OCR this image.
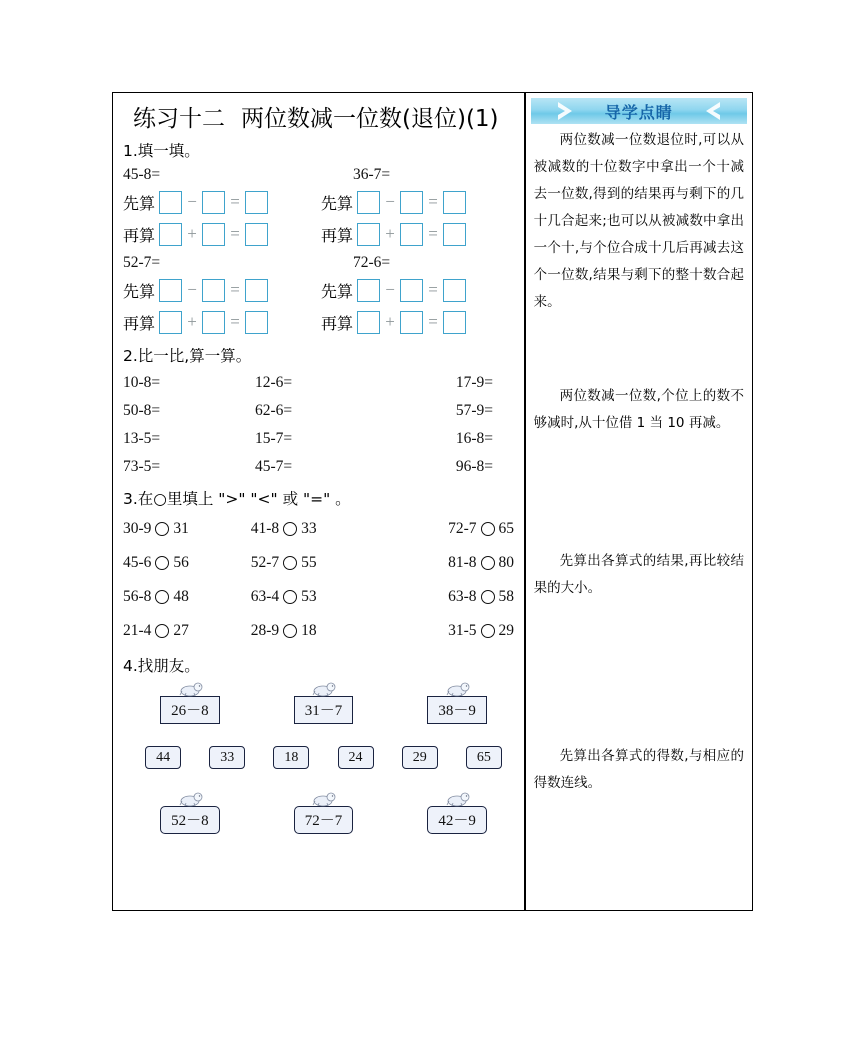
练习十二 两位数减一位数(退位)(1)
1.填一填。
45-8=
先算	−	=
再算	+	=
36-7=
先算	−	=
再算	+	=
52-7=
先算	−	=
再算	+	=
72-6=
先算	−	=
再算	+	=
2.比一比,算一算。
10-8=	12-6=	17-9=
50-8=	62-6=	57-9=
13-5=	15-7=	16-8=
73-5=	45-7=	96-8=
3.在○里填上 ">" "<" 或 "=" 。
30-9 31	41-8 33	72-7 65
45-6 56	52-7 55	81-8 80
56-8 48	63-4 53	63-8 58
21-4 27	28-9 18	31-5 29
4.找朋友。
26－8	31－7	38－9
44	33	18	24	29	65
52－8	72－7	42－9
导学点睛

两位数减一位数退位时,可以从被减数的十位数字中拿出一个十减去一位数,得到的结果再与剩下的几十几合起来;也可以从被减数中拿出一个十,与个位合成十几后再减去这个一位数,结果与剩下的整十数合起来。

两位数减一位数,个位上的数不够减时,从十位借 1 当 10 再减。

先算出各算式的结果,再比较结果的大小。

先算出各算式的得数,与相应的得数连线。
